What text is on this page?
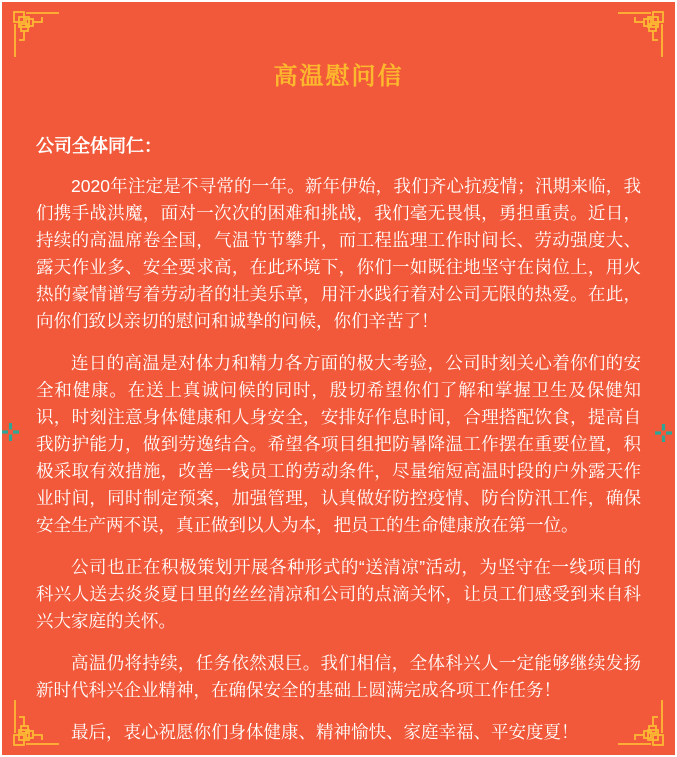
高温慰问信
公司全体同仁：

2020年注定是不寻常的一年。新年伊始，我们齐心抗疫情；汛期来临，我们携手战洪魔，面对一次次的困难和挑战，我们毫无畏惧，勇担重责。近日，持续的高温席卷全国，气温节节攀升，而工程监理工作时间长、劳动强度大、露天作业多、安全要求高，在此环境下，你们一如既往地坚守在岗位上，用火热的豪情谱写着劳动者的壮美乐章，用汗水践行着对公司无限的热爱。在此，向你们致以亲切的慰问和诚挚的问候，你们辛苦了！

连日的高温是对体力和精力各方面的极大考验，公司时刻关心着你们的安全和健康。在送上真诚问候的同时，殷切希望你们了解和掌握卫生及保健知识，时刻注意身体健康和人身安全，安排好作息时间，合理搭配饮食，提高自我防护能力，做到劳逸结合。希望各项目组把防暑降温工作摆在重要位置，积极采取有效措施，改善一线员工的劳动条件，尽量缩短高温时段的户外露天作业时间，同时制定预案，加强管理，认真做好防控疫情、防台防汛工作，确保安全生产两不误，真正做到以人为本，把员工的生命健康放在第一位。

公司也正在积极策划开展各种形式的“送清凉”活动，为坚守在一线项目的科兴人送去炎炎夏日里的丝丝清凉和公司的点滴关怀，让员工们感受到来自科兴大家庭的关怀。

高温仍将持续，任务依然艰巨。我们相信，全体科兴人一定能够继续发扬新时代科兴企业精神，在确保安全的基础上圆满完成各项工作任务！

最后，衷心祝愿你们身体健康、精神愉快、家庭幸福、平安度夏！
